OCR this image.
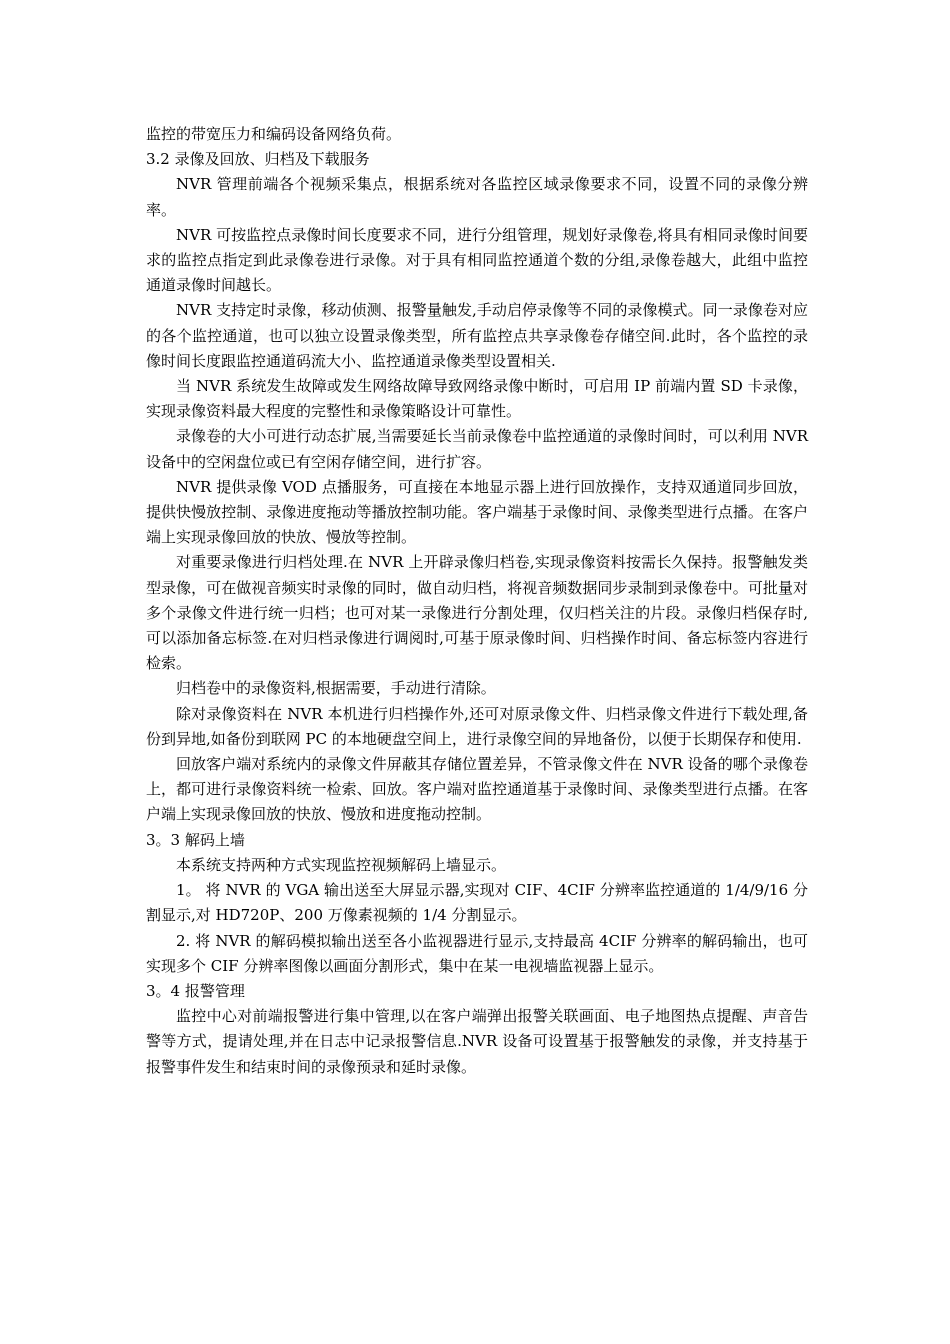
监控的带宽压力和编码设备网络负荷。

3.2 录像及回放、归档及下载服务

NVR 管理前端各个视频采集点，根据系统对各监控区域录像要求不同，设置不同的录像分辨率。

NVR 可按监控点录像时间长度要求不同，进行分组管理，规划好录像卷,将具有相同录像时间要求的监控点指定到此录像卷进行录像。对于具有相同监控通道个数的分组,录像卷越大，此组中监控通道录像时间越长。

NVR 支持定时录像，移动侦测、报警量触发,手动启停录像等不同的录像模式。同一录像卷对应的各个监控通道，也可以独立设置录像类型，所有监控点共享录像卷存储空间.此时，各个监控的录像时间长度跟监控通道码流大小、监控通道录像类型设置相关.

当 NVR 系统发生故障或发生网络故障导致网络录像中断时，可启用 IP 前端内置 SD 卡录像，实现录像资料最大程度的完整性和录像策略设计可靠性。

录像卷的大小可进行动态扩展,当需要延长当前录像卷中监控通道的录像时间时，可以利用 NVR 设备中的空闲盘位或已有空闲存储空间，进行扩容。

NVR 提供录像 VOD 点播服务，可直接在本地显示器上进行回放操作，支持双通道同步回放，提供快慢放控制、录像进度拖动等播放控制功能。客户端基于录像时间、录像类型进行点播。在客户端上实现录像回放的快放、慢放等控制。

对重要录像进行归档处理.在 NVR 上开辟录像归档卷,实现录像资料按需长久保持。报警触发类型录像，可在做视音频实时录像的同时，做自动归档，将视音频数据同步录制到录像卷中。可批量对多个录像文件进行统一归档；也可对某一录像进行分割处理，仅归档关注的片段。录像归档保存时,可以添加备忘标签.在对归档录像进行调阅时,可基于原录像时间、归档操作时间、备忘标签内容进行检索。

归档卷中的录像资料,根据需要，手动进行清除。

除对录像资料在 NVR 本机进行归档操作外,还可对原录像文件、归档录像文件进行下载处理,备份到异地,如备份到联网 PC 的本地硬盘空间上，进行录像空间的异地备份，以便于长期保存和使用.

回放客户端对系统内的录像文件屏蔽其存储位置差异，不管录像文件在 NVR 设备的哪个录像卷上，都可进行录像资料统一检索、回放。客户端对监控通道基于录像时间、录像类型进行点播。在客户端上实现录像回放的快放、慢放和进度拖动控制。

3。3 解码上墙

本系统支持两种方式实现监控视频解码上墙显示。

1。 将 NVR 的 VGA 输出送至大屏显示器,实现对 CIF、4CIF 分辨率监控通道的 1/4/9/16 分割显示,对 HD720P、200 万像素视频的 1/4 分割显示。

2. 将 NVR 的解码模拟输出送至各小监视器进行显示,支持最高 4CIF 分辨率的解码输出，也可实现多个 CIF 分辨率图像以画面分割形式，集中在某一电视墙监视器上显示。

3。4 报警管理

监控中心对前端报警进行集中管理,以在客户端弹出报警关联画面、电子地图热点提醒、声音告警等方式，提请处理,并在日志中记录报警信息.NVR 设备可设置基于报警触发的录像，并支持基于报警事件发生和结束时间的录像预录和延时录像。
